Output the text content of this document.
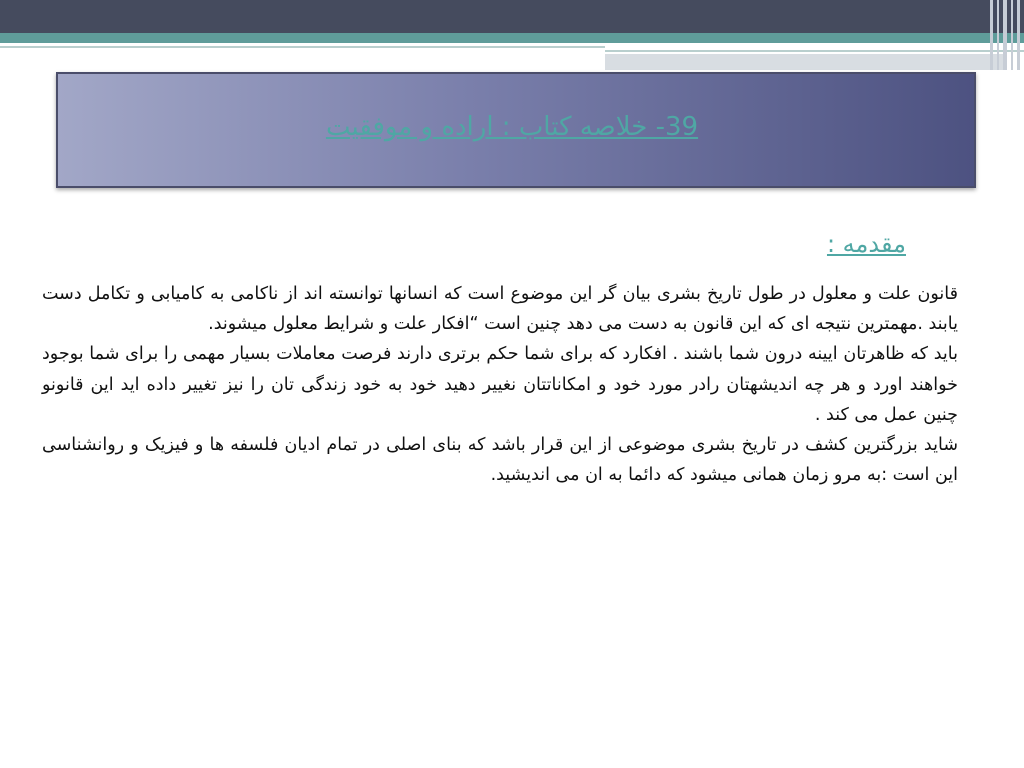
39- خلاصه کتاب : اراده و موفقیت
مقدمه :

قانون علت و معلول در طول تاریخ بشری بیان گر این موضوع است که انسانها توانسته اند از ناکامی به کامیابی و تکامل دست یابند .مهمترین نتیجه ای که این قانون به دست می دهد چنین است “افکار علت و شرایط معلول میشوند.

باید که ظاهرتان ایینه درون شما باشند . افکارد که برای شما حکم برتری دارند فرصت معاملات بسیار مهمی را برای شما بوجود خواهند اورد و هر چه اندیشهتان رادر مورد خود و امکاناتتان نغییر دهید خود به خود زندگی تان را نیز تغییر داده اید این قانونو چنین عمل می کند .

شاید بزرگترین کشف در تاریخ بشری موضوعی از این قرار باشد که بنای اصلی در تمام ادیان فلسفه ها و فیزیک و روانشناسی این است :به مرو زمان همانی میشود که دائما به ان می اندیشید.
